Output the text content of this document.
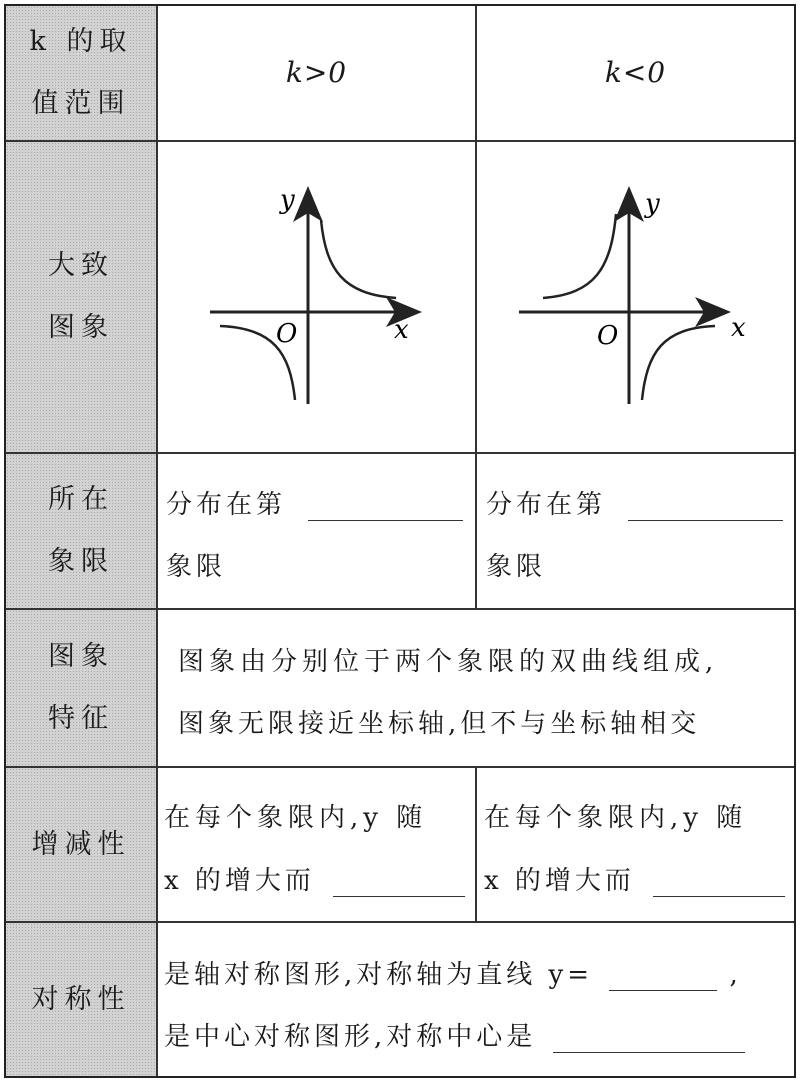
k 的取
值范围
大致
图象
所在
象限
图象
特征
增减性
对称性
k>0	k<0
y
x
O
y
x
O
分布在第
象限
分布在第
象限
图象由分别位于两个象限的双曲线组成,
图象无限接近坐标轴,但不与坐标轴相交
在每个象限内,y 随
x 的增大而
在每个象限内,y 随
x 的增大而
是轴对称图形,对称轴为直线 y=	,
是中心对称图形,对称中心是
